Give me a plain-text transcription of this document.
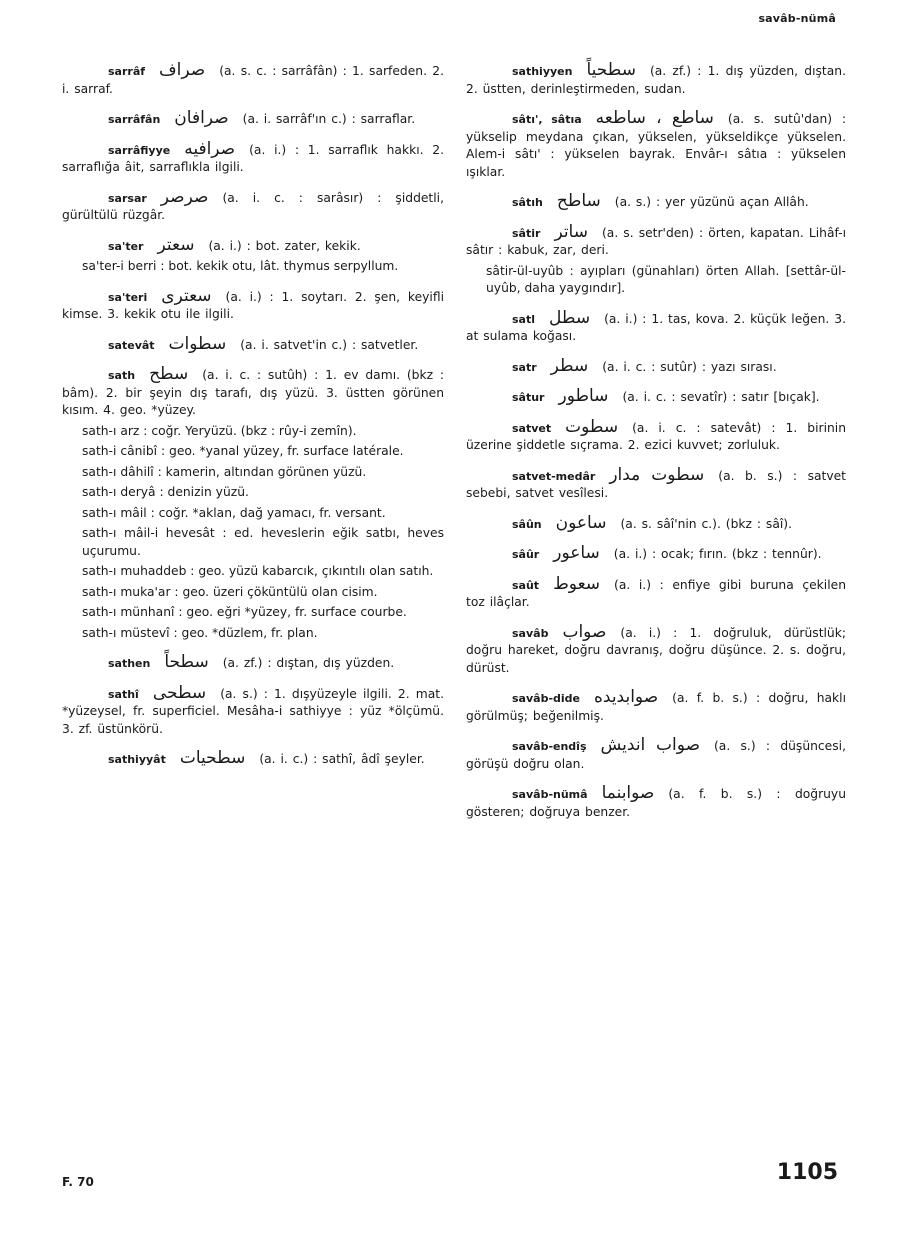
savâb-nümâ
sarrâf صراف (a. s. c. : sarrâfân) : 1. sarfeden. 2. i. sarraf.
sarrâfân صرافان (a. i. sarrâf'ın c.) : sarraflar.
sarrâfiyye صرافیه (a. i.) : 1. sarraflık hakkı. 2. sarraflığa âit, sarraflıkla ilgili.
sarsar صرصر (a. i. c. : sarâsır) : şiddetli, gürültülü rüzgâr.
sa'ter سعتر (a. i.) : bot. zater, kekik.
sa'ter-i berri : bot. kekik otu, lât. thymus serpyllum.
sa'teri سعتری (a. i.) : 1. soytarı. 2. şen, keyifli kimse. 3. kekik otu ile ilgili.
satevât سطوات (a. i. satvet'in c.) : satvetler.
sath سطح (a. i. c. : sutûh) : 1. ev damı. (bkz : bâm). 2. bir şeyin dış tarafı, dış yüzü. 3. üstten görünen kısım. 4. geo. *yüzey.
sath-ı arz : coğr. Yeryüzü. (bkz : rûy-i zemîn).
sath-i cânibî : geo. *yanal yüzey, fr. surface latérale.
sath-ı dâhilî : kamerin, altından görünen yüzü.
sath-ı deryâ : denizin yüzü.
sath-ı mâil : coğr. *aklan, dağ yamacı, fr. versant.
sath-ı mâil-i hevesât : ed. heveslerin eğik satbı, heves uçurumu.
sath-ı muhaddeb : geo. yüzü kabarcık, çıkıntılı olan satıh.
sath-ı muka'ar : geo. üzeri çöküntülü olan cisim.
sath-ı münhanî : geo. eğri *yüzey, fr. surface courbe.
sath-ı müstevî : geo. *düzlem, fr. plan.
sathen سطحاً (a. zf.) : dıştan, dış yüzden.
sathî سطحی (a. s.) : 1. dışyüzeyle ilgili. 2. mat. *yüzeysel, fr. superficiel. Mesâha-i sathiyye : yüz *ölçümü. 3. zf. üstünkörü.
sathiyyât سطحیات (a. i. c.) : sathî, âdî şeyler.
sathiyyen سطحیاً (a. zf.) : 1. dış yüzden, dıştan. 2. üstten, derinleştirmeden, sudan.
sâtı', sâtıa ساطع ، ساطعه (a. s. sutû'dan) : yükselip meydana çıkan, yükselen, yükseldikçe yükselen. Alem-i sâtı' : yükselen bayrak. Envâr-ı sâtıa : yükselen ışıklar.
sâtıh ساطح (a. s.) : yer yüzünü açan Allâh.
sâtir ساتر (a. s. setr'den) : örten, kapatan. Lihâf-ı sâtır : kabuk, zar, deri.
sâtir-ül-uyûb : ayıpları (günahları) örten Allah. [settâr-ül-uyûb, daha yaygındır].
satl سطل (a. i.) : 1. tas, kova. 2. küçük leğen. 3. at sulama koğası.
satr سطر (a. i. c. : sutûr) : yazı sırası.
sâtur ساطور (a. i. c. : sevatîr) : satır [bıçak].
satvet سطوت (a. i. c. : satevât) : 1. birinin üzerine şiddetle sıçrama. 2. ezici kuvvet; zorluluk.
satvet-medâr سطوت مدار (a. b. s.) : satvet sebebi, satvet vesîlesi.
sâûn ساعون (a. s. sâî'nin c.). (bkz : sâî).
sâûr ساعور (a. i.) : ocak; fırın. (bkz : tennûr).
saût سعوط (a. i.) : enfiye gibi buruna çekilen toz ilâçlar.
savâb صواب (a. i.) : 1. doğruluk, dürüstlük; doğru hareket, doğru davranış, doğru düşünce. 2. s. doğru, dürüst.
savâb-dide صوابدیده (a. f. b. s.) : doğru, haklı görülmüş; beğenilmiş.
savâb-endîş صواب اندیش (a. s.) : düşüncesi, görüşü doğru olan.
savâb-nümâ صوابنما (a. f. b. s.) : doğruyu gösteren; doğruya benzer.
F. 70	1105
